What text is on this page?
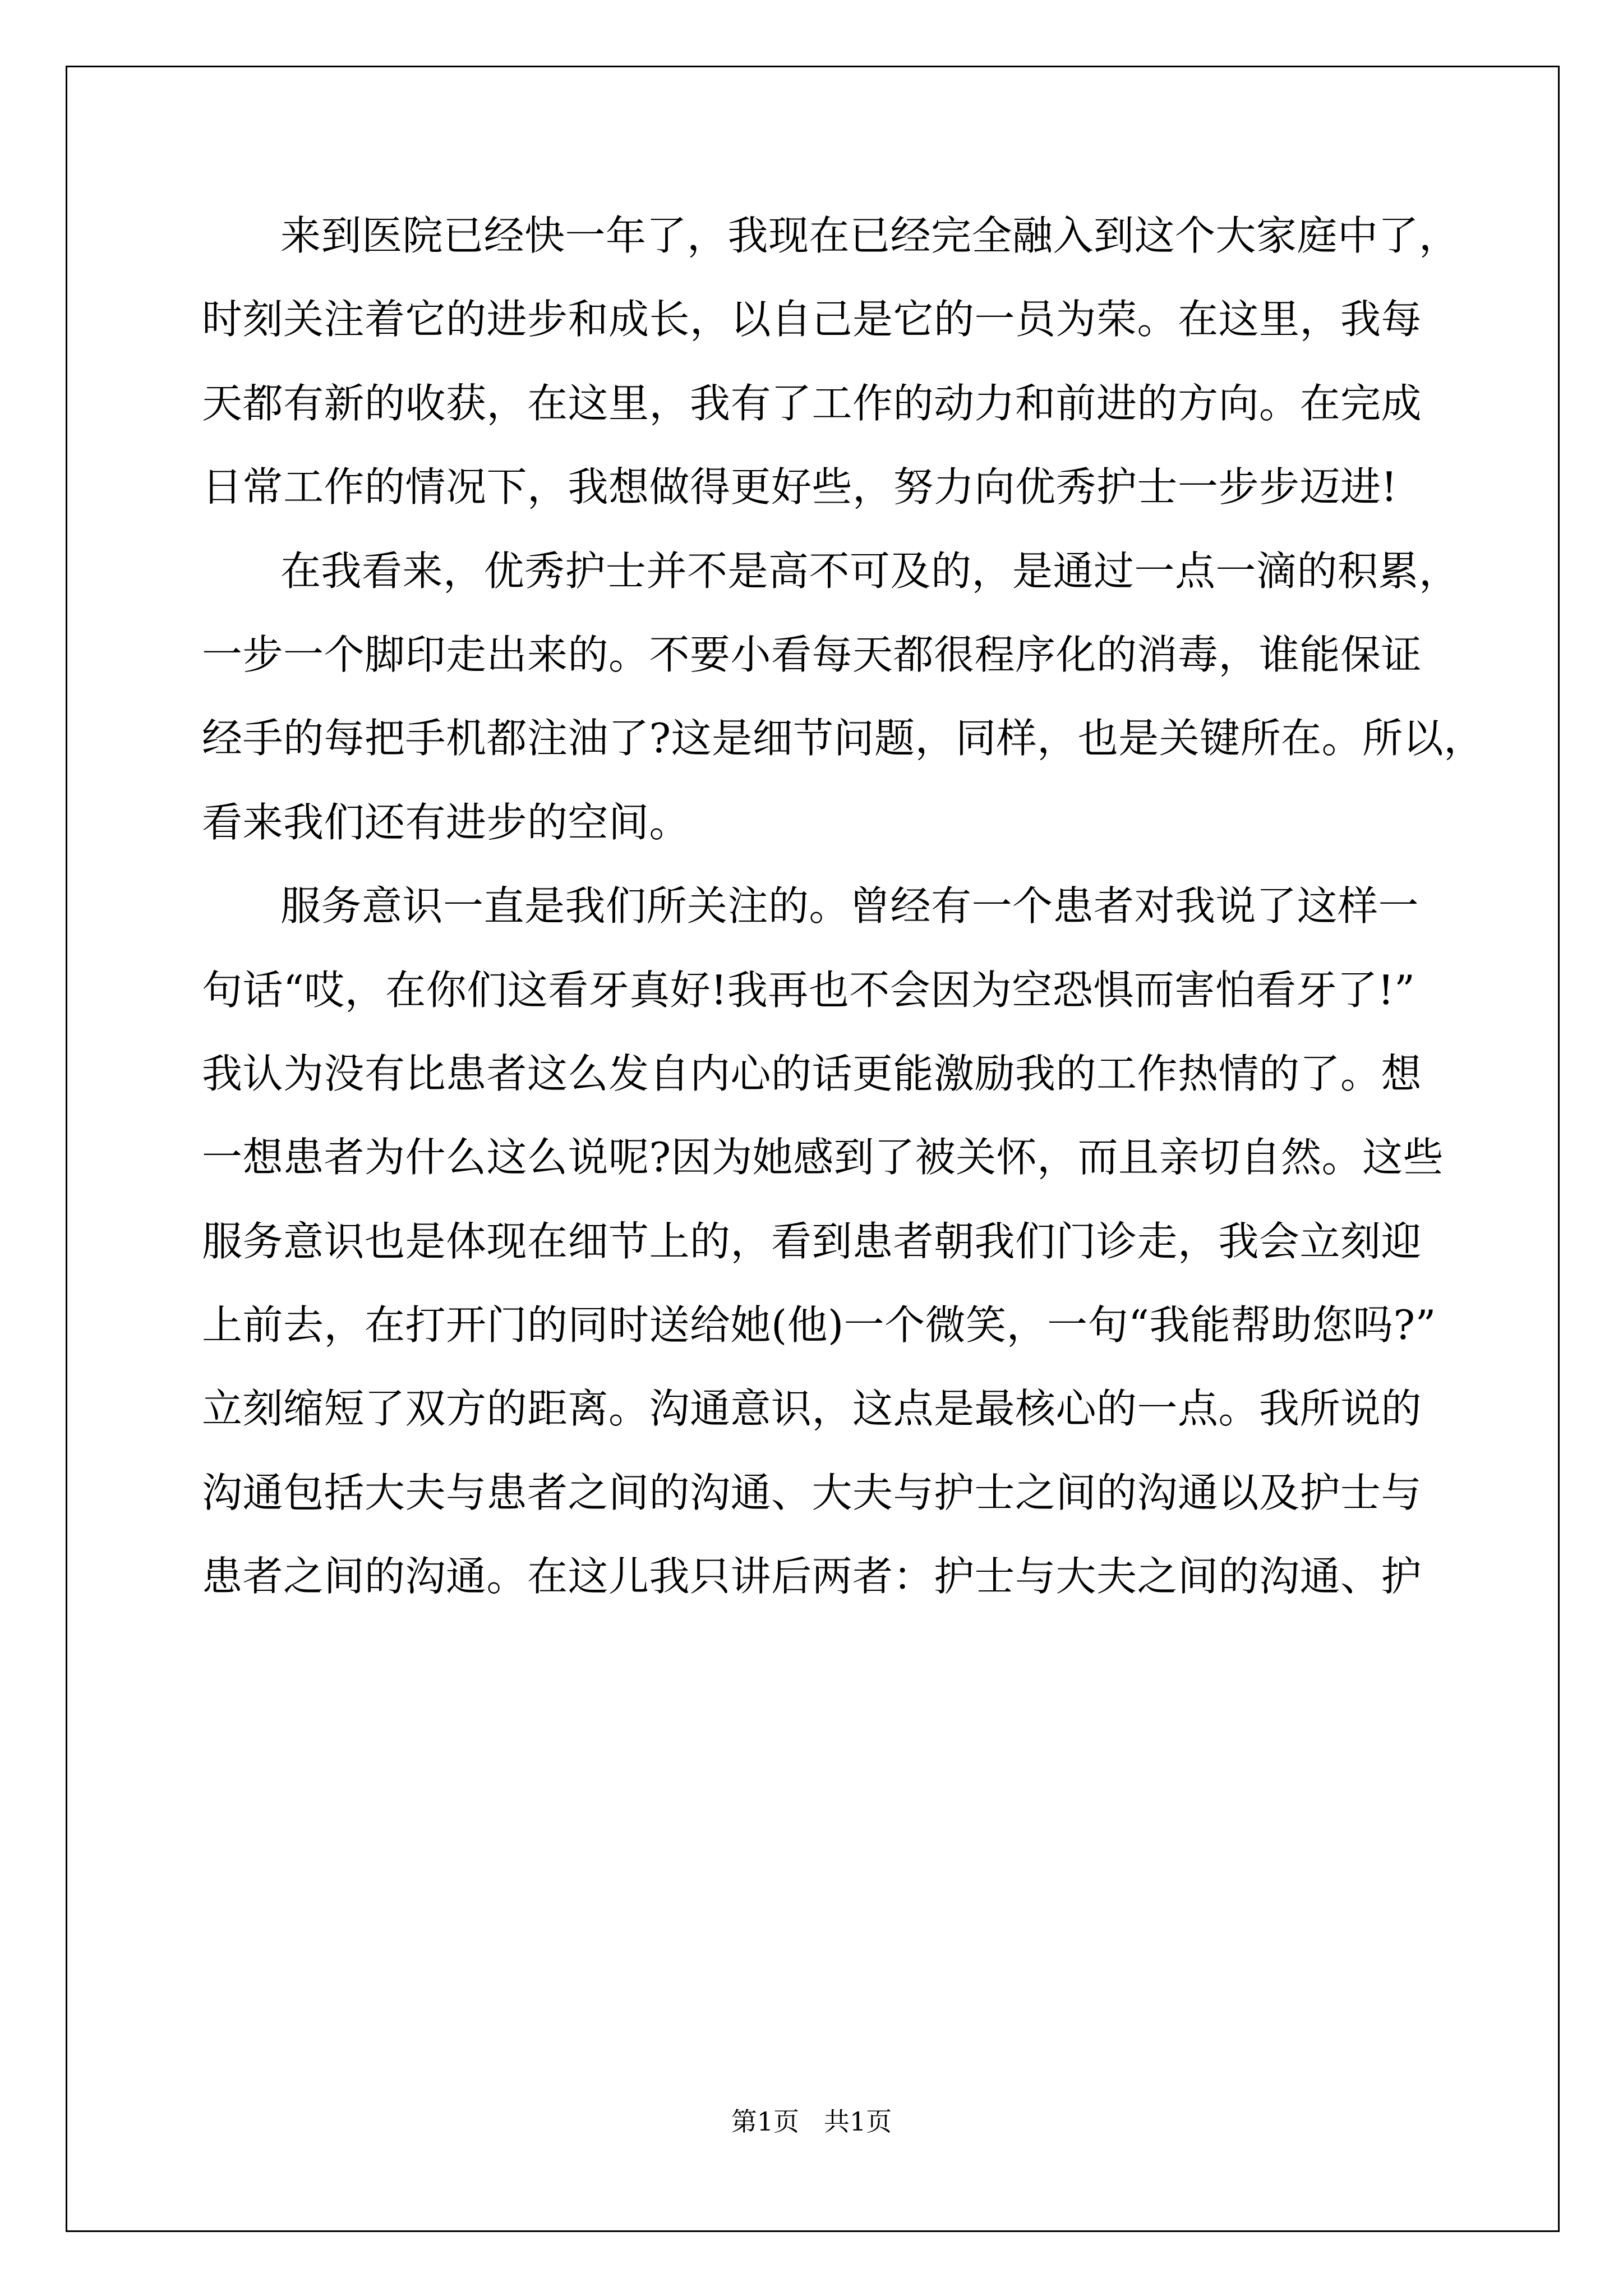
来到医院已经快一年了，我现在已经完全融入到这个大家庭中了，

时刻关注着它的进步和成长，以自己是它的一员为荣。在这里，我每

天都有新的收获，在这里，我有了工作的动力和前进的方向。在完成

日常工作的情况下，我想做得更好些，努力向优秀护士一步步迈进!

在我看来，优秀护士并不是高不可及的，是通过一点一滴的积累，

一步一个脚印走出来的。不要小看每天都很程序化的消毒，谁能保证

经手的每把手机都注油了?这是细节问题，同样，也是关键所在。所以，

看来我们还有进步的空间。

服务意识一直是我们所关注的。曾经有一个患者对我说了这样一

句话“哎，在你们这看牙真好!我再也不会因为空恐惧而害怕看牙了!”

我认为没有比患者这么发自内心的话更能激励我的工作热情的了。想

一想患者为什么这么说呢?因为她感到了被关怀，而且亲切自然。这些

服务意识也是体现在细节上的，看到患者朝我们门诊走，我会立刻迎

上前去，在打开门的同时送给她(他)一个微笑，一句“我能帮助您吗?”

立刻缩短了双方的距离。沟通意识，这点是最核心的一点。我所说的

沟通包括大夫与患者之间的沟通、大夫与护士之间的沟通以及护士与

患者之间的沟通。在这儿我只讲后两者：护士与大夫之间的沟通、护

第1页 共1页
